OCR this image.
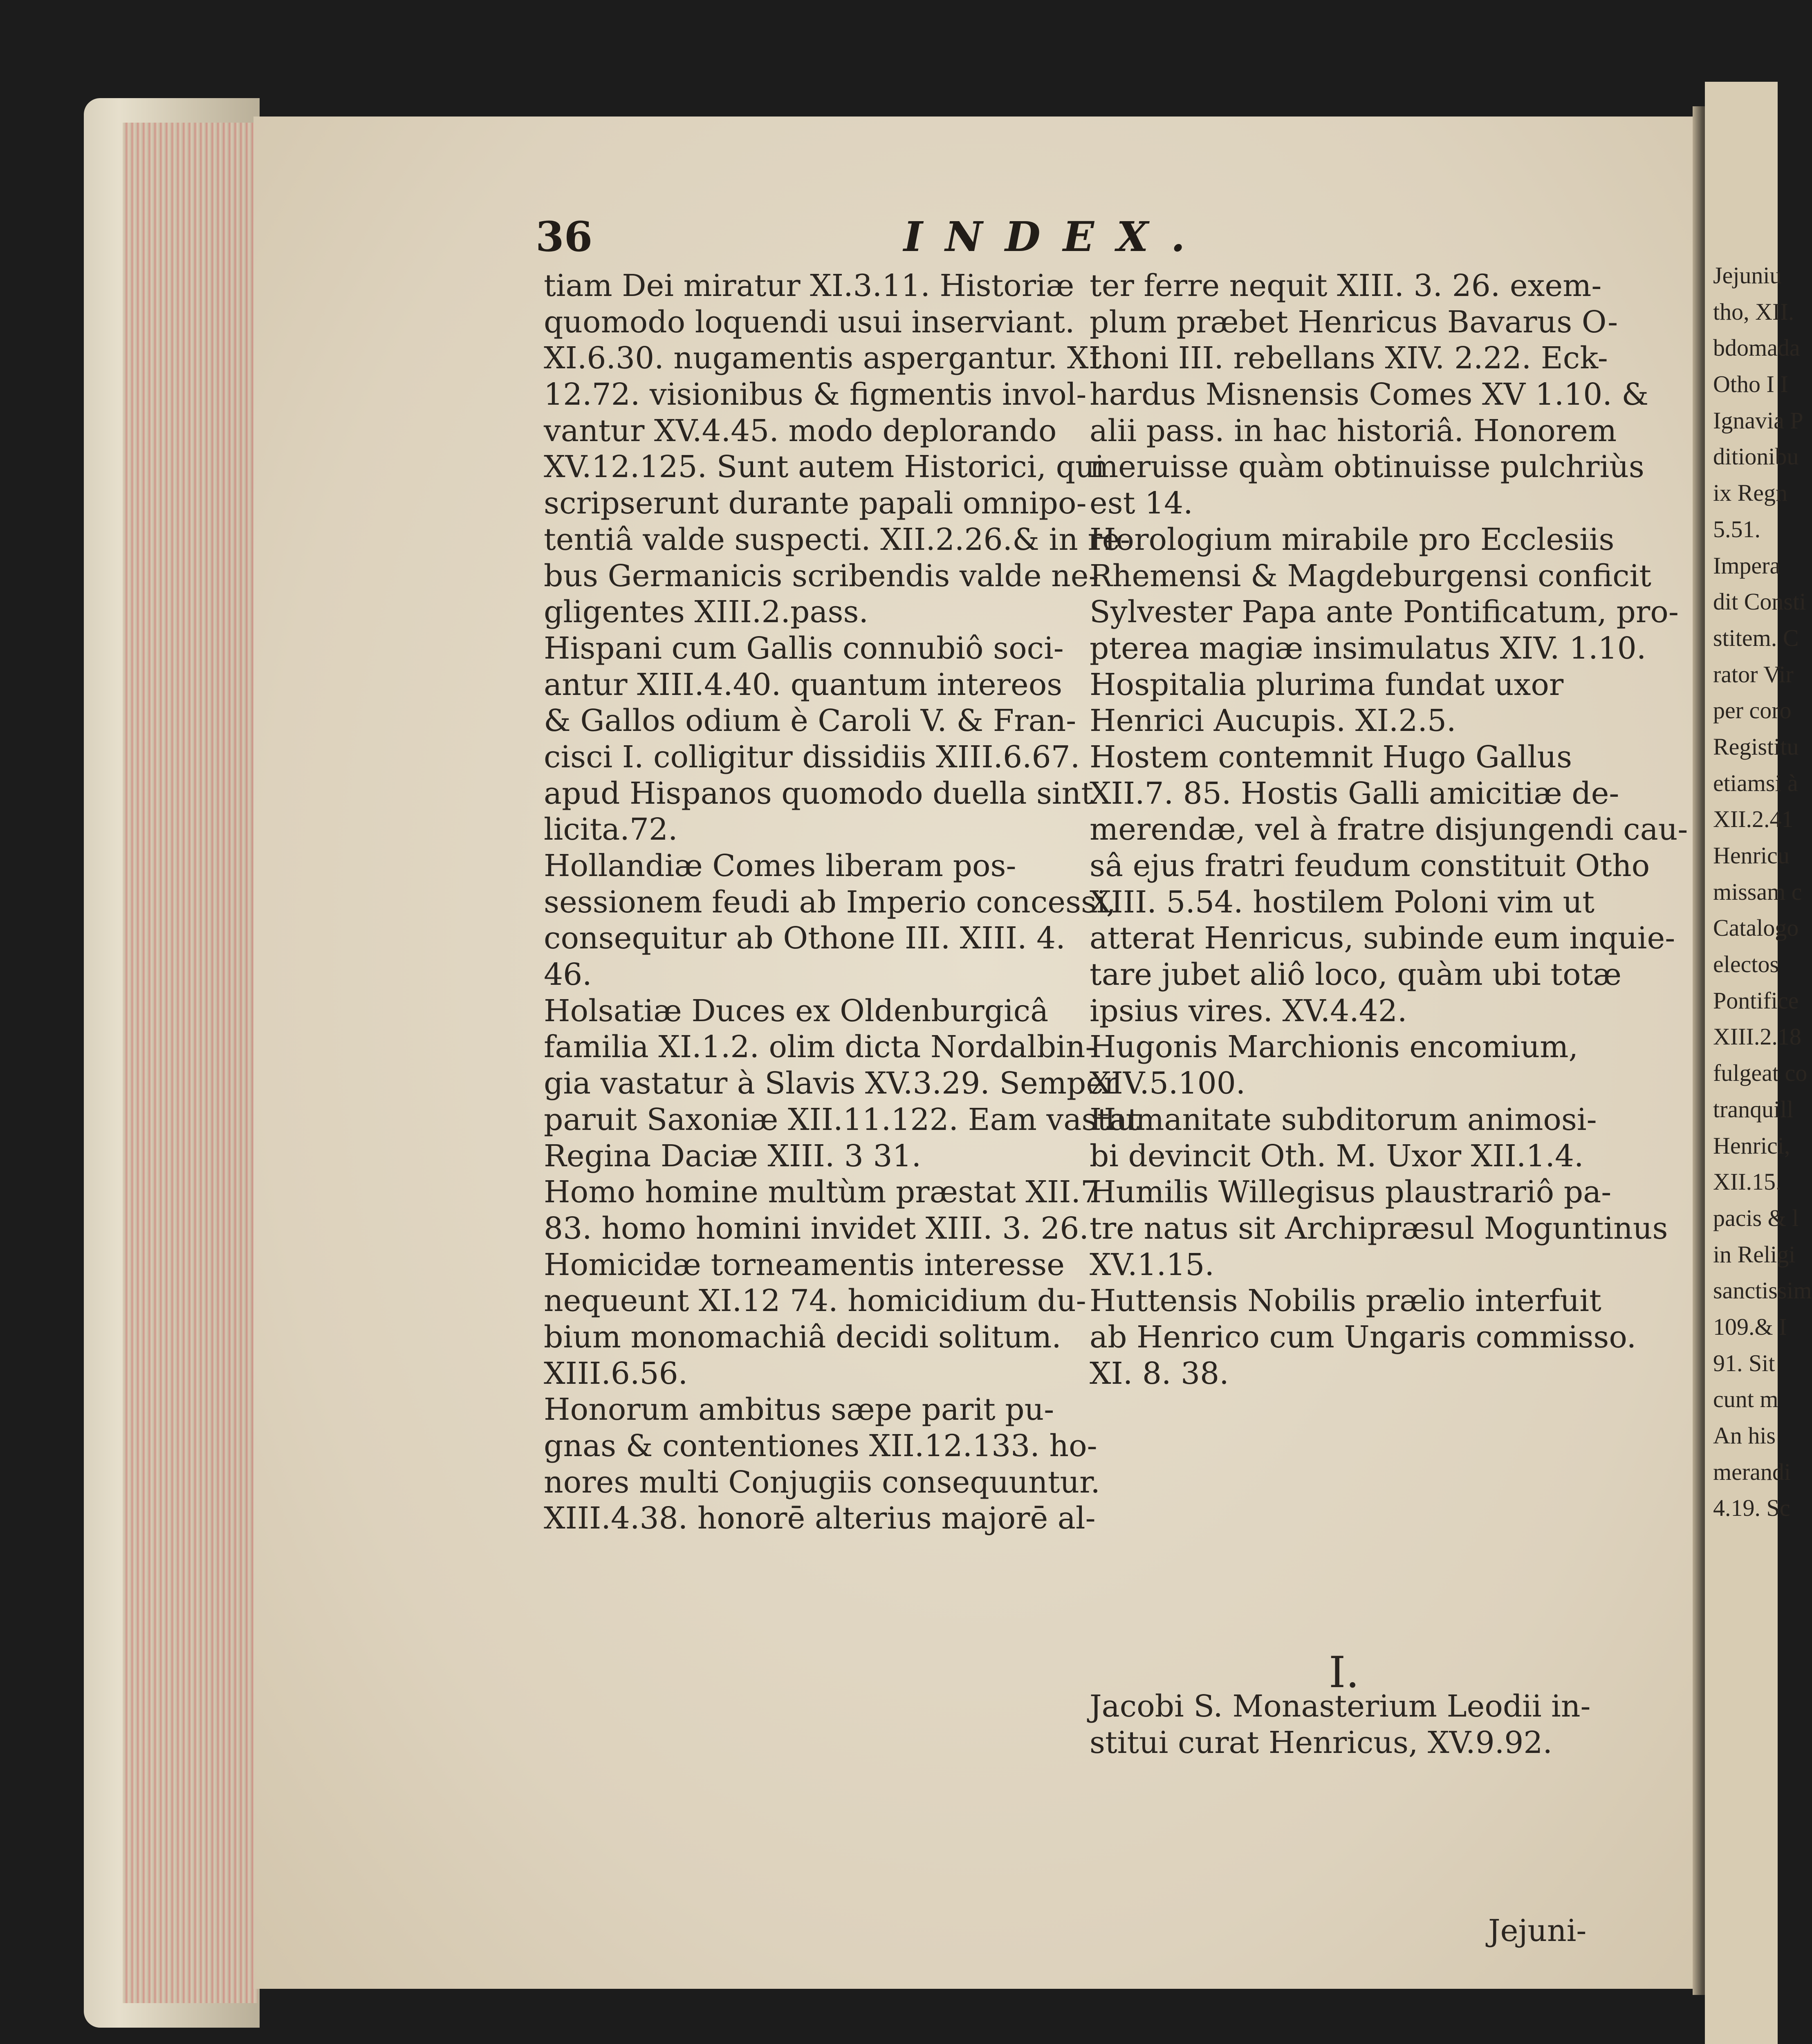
36	INDEX.
tiam Dei miratur XI.3.11. Historiæ
quomodo loquendi usui inserviant.
XI.6.30. nugamentis aspergantur. XI.
12.72. visionibus & figmentis invol-
vantur XV.4.45. modo deplorando
XV.12.125. Sunt autem Historici, qui
scripserunt durante papali omnipo-
tentiâ valde suspecti. XII.2.26.& in re-
bus Germanicis scribendis valde ne-
gligentes XIII.2.pass.
Hispani cum Gallis connubiô soci-
antur XIII.4.40. quantum intereos
& Gallos odium è Caroli V. & Fran-
cisci I. colligitur dissidiis XIII.6.67.
apud Hispanos quomodo duella sint
licita.72.
Hollandiæ Comes liberam pos-
sessionem feudi ab Imperio concessi,
consequitur ab Othone III. XIII. 4.
46.
Holsatiæ Duces ex Oldenburgicâ
familia XI.1.2. olim dicta Nordalbin-
gia vastatur à Slavis XV.3.29. Semper
paruit Saxoniæ XII.11.122. Eam vastat
Regina Daciæ XIII. 3 31.
Homo homine multùm præstat XII.7
83. homo homini invidet XIII. 3. 26.
Homicidæ torneamentis interesse
nequeunt XI.12 74. homicidium du-
bium monomachiâ decidi solitum.
XIII.6.56.
Honorum ambitus sæpe parit pu-
gnas & contentiones XII.12.133. ho-
nores multi Conjugiis consequuntur.
XIII.4.38. honorē alterius majorē al-
ter ferre nequit XIII. 3. 26. exem-
plum præbet Henricus Bavarus O-
thoni III. rebellans XIV. 2.22. Eck-
hardus Misnensis Comes XV 1.10. &
alii pass. in hac historiâ. Honorem
meruisse quàm obtinuisse pulchriùs
est 14.
Horologium mirabile pro Ecclesiis
Rhemensi & Magdeburgensi conficit
Sylvester Papa ante Pontificatum, pro-
pterea magiæ insimulatus XIV. 1.10.
Hospitalia plurima fundat uxor
Henrici Aucupis. XI.2.5.
Hostem contemnit Hugo Gallus
XII.7. 85. Hostis Galli amicitiæ de-
merendæ, vel à fratre disjungendi cau-
sâ ejus fratri feudum constituit Otho
XIII. 5.54. hostilem Poloni vim ut
atterat Henricus, subinde eum inquie-
tare jubet aliô loco, quàm ubi totæ
ipsius vires. XV.4.42.
Hugonis Marchionis encomium,
XIV.5.100.
Humanitate subditorum animosi-
bi devincit Oth. M. Uxor XII.1.4.
Humilis Willegisus plaustrariô pa-
tre natus sit Archipræsul Moguntinus
XV.1.15.
Huttensis Nobilis prælio interfuit
ab Henrico cum Ungaris commisso.
XI. 8. 38.
I.
Jacobi S. Monasterium Leodii in-
stitui curat Henricus, XV.9.92.
Jejuni-
Jejuniu
tho, XII.
bdomada
Otho I I
Ignavia P
ditionibu
ix Regn
5.51.
Impera
dit Consti
stitem. C
rator Vir
per coro
Registitu
etiamsi à
XII.2.41
Henricu
missam c
Catalogo
electos
Pontifice
XIII.2.18
fulgeat co
tranquill
Henrici,
XII.15.
pacis & l
in Religi
sanctissim
109.& I
91. Sit
cunt m
An his
merandi
4.19. Sc
